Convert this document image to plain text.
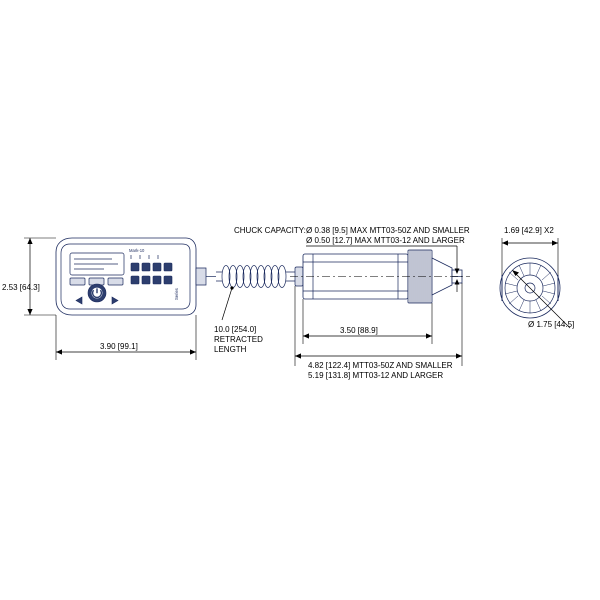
Mark-10
Series
2.53 [64.3]
3.90 [99.1]
10.0 [254.0]
RETRACTED
LENGTH
CHUCK CAPACITY: Ø 0.38 [9.5] MAX MTT03-50Z AND SMALLER
Ø 0.50 [12.7] MAX MTT03-12 AND LARGER
3.50 [88.9]
4.82 [122.4] MTT03-50Z AND SMALLER
5.19 [131.8] MTT03-12 AND LARGER
1.69 [42.9] X2
Ø 1.75 [44.5]
